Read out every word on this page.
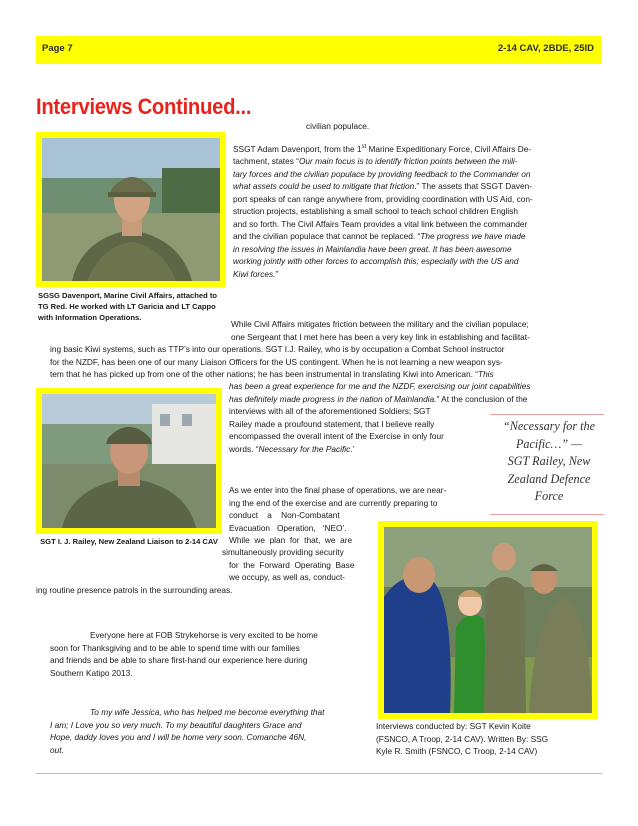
Page 7	2-14 CAV, 2BDE, 25ID
Interviews Continued...
SGSG Davenport, Marine Civil Affairs, attached to TG Red. He worked with LT Garicia and LT Cappo with Information Operations.
civilian populace.
SSGT Adam Davenport, from the 1st Marine Expeditionary Force, Civil Affairs De-
tachment, states “Our main focus is to identify friction points between the mili-
tary forces and the civilian populace by providing feedback to the Commander on
what assets could be used to mitigate that friction.” The assets that SSGT Daven-
port speaks of can range anywhere from, providing coordination with US Aid, con-
struction projects, establishing a small school to teach school children English
and so forth. The Civil Affairs Team provides a vital link between the commander
and the civilian populace that cannot be replaced. “The progress we have made
in resolving the issues in Mainlandia have been great. It has been awesome
working jointly with other forces to accomplish this; especially with the US and
Kiwi forces.”
While Civil Affairs mitigates friction between the military and the civilian populace;
one Sergeant that I met here has been a very key link in establishing and facilitat-
ing basic Kiwi systems, such as TTP’s into our operations. SGT I.J. Railey, who is by occupation a Combat School instructor
for the NZDF, has been one of our many Liaison Officers for the US contingent. When he is not learning a new weapon sys-
tem that he has picked up from one of the other nations; he has been instrumental in translating Kiwi into American. “This
SGT I. J. Railey, New Zealand Liaison to 2-14 CAV
has been a great experience for me and the NZDF, exercising our joint capabilities
has definitely made progress in the nation of Mainlandia.” At the conclusion of the
interviews with all of the aforementioned Soldiers; SGT
Railey made a proufound statement, that I believe really
encompassed the overall intent of the Exercise in only four
words. “Necessary for the Pacific.’
“Necessary for the
Pacific…” —
SGT Railey, New
Zealand Defence
Force
As we enter into the final phase of operations, we are near-
ing the end of the exercise and are currently preparing to
conduct    a    Non-Combatant
Evacuation   Operation,   ‘NEO’.
While  we  plan  for  that,  we  are
simultaneously providing security
for  the  Forward  Operating  Base
we occupy, as well as, conduct-
ing routine presence patrols in the surrounding areas.
Everyone here at FOB Strykehorse is very excited to be home
soon for Thanksgiving and to be able to spend time with our families
and friends and be able to share first-hand our experience here during
Southern Katipo 2013.
To my wife Jessica, who has helped me become everything that
I am; I Love you so very much. To my beautiful daughters Grace and
Hope, daddy loves you and I will be home very soon. Comanche 46N,
out.
Interviews conducted by: SGT Kevin Koite
(FSNCO, A Troop, 2-14 CAV). Written By: SSG
Kyle R. Smith (FSNCO, C Troop, 2-14 CAV)
